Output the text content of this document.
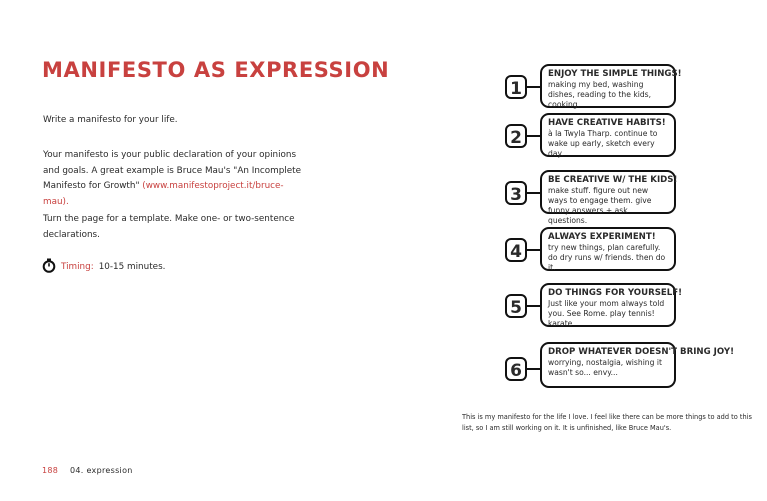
MANIFESTO AS EXPRESSION

Write a manifesto for your life.

Your manifesto is your public declaration of your opinions and goals. A great example is Bruce Mau's "An Incomplete Manifesto for Growth" (www.manifestoproject.it/bruce-mau).

Turn the page for a template. Make one- or two-sentence declarations.

Timing: 10-15 minutes.
1
ENJOY THE SIMPLE THINGS!
making my bed, washing dishes, reading to the kids, cooking.
2
HAVE CREATIVE HABITS!
à la Twyla Tharp. continue to wake up early, sketch every day.
3
BE CREATIVE W/ THE KIDS!
make stuff. figure out new ways to engage them. give funny answers + ask questions.
4
ALWAYS EXPERIMENT!
try new things, plan carefully. do dry runs w/ friends. then do it.
5
DO THINGS FOR YOURSELF!
Just like your mom always told you. See Rome. play tennis! karate
6
DROP WHATEVER DOESN'T BRING JOY!
worrying, nostalgia, wishing it wasn't so... envy...

This is my manifesto for the life I love. I feel like there can be more things to add to this list, so I am still working on it. It is unfinished, like Bruce Mau's.

188 04. expression
